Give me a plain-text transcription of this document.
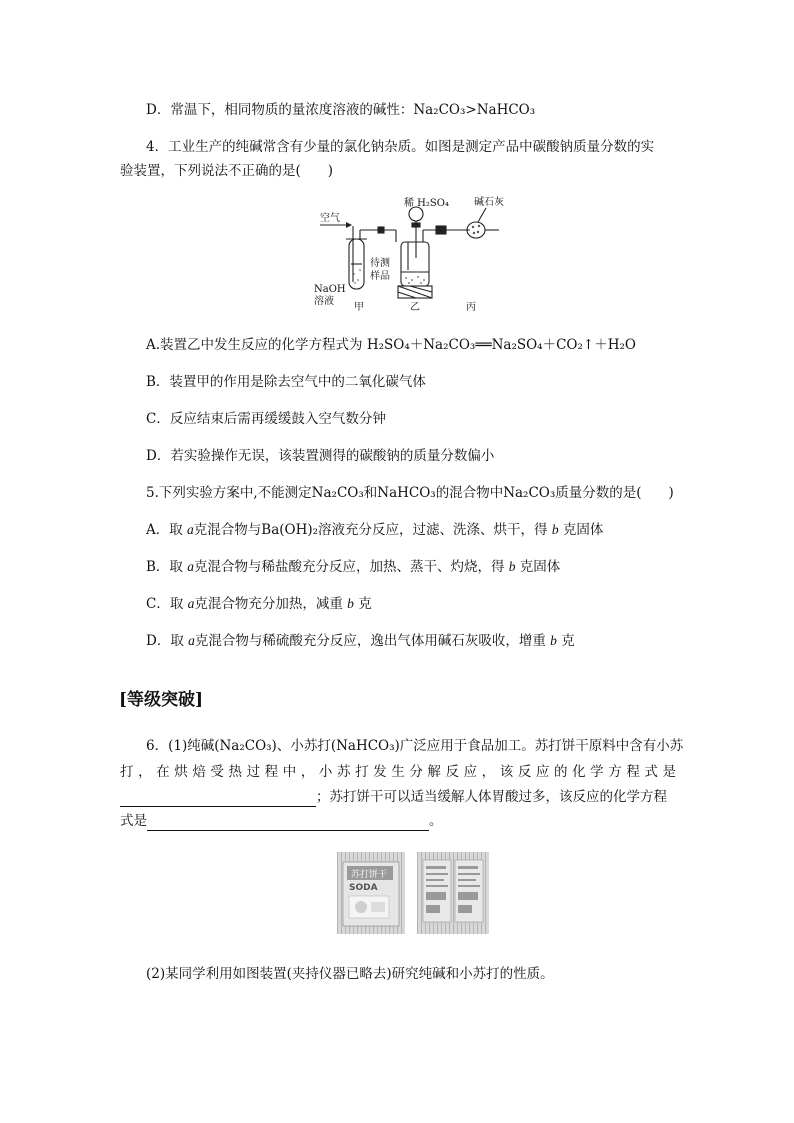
D．常温下，相同物质的量浓度溶液的碱性：Na₂CO₃>NaHCO₃
4．工业生产的纯碱常含有少量的氯化钠杂质。如图是测定产品中碳酸钠质量分数的实
验装置，下列说法不正确的是(　　)
空气
稀 H₂SO₄	碱石灰
待测
样品
NaOH
溶液
甲	乙	丙
A.装置乙中发生反应的化学方程式为 H₂SO₄＋Na₂CO₃══Na₂SO₄＋CO₂↑＋H₂O
B．装置甲的作用是除去空气中的二氧化碳气体
C．反应结束后需再缓缓鼓入空气数分钟
D．若实验操作无误，该装置测得的碳酸钠的质量分数偏小
5.下列实验方案中,不能测定Na₂CO₃和NaHCO₃的混合物中Na₂CO₃质量分数的是(　　)
A．取 a克混合物与Ba(OH)₂溶液充分反应，过滤、洗涤、烘干，得 b 克固体
B．取 a克混合物与稀盐酸充分反应，加热、蒸干、灼烧，得 b 克固体
C．取 a克混合物充分加热，减重 b 克
D．取 a克混合物与稀硫酸充分反应，逸出气体用碱石灰吸收，增重 b 克
[等级突破]
6．(1)纯碱(Na₂CO₃)、小苏打(NaHCO₃)广泛应用于食品加工。苏打饼干原料中含有小苏
打，在烘焙受热过程中，小苏打发生分解反应，该反应的化学方程式是
；苏打饼干可以适当缓解人体胃酸过多，该反应的化学方程
式是	。
苏打饼干
SODA
(2)某同学利用如图装置(夹持仪器已略去)研究纯碱和小苏打的性质。
